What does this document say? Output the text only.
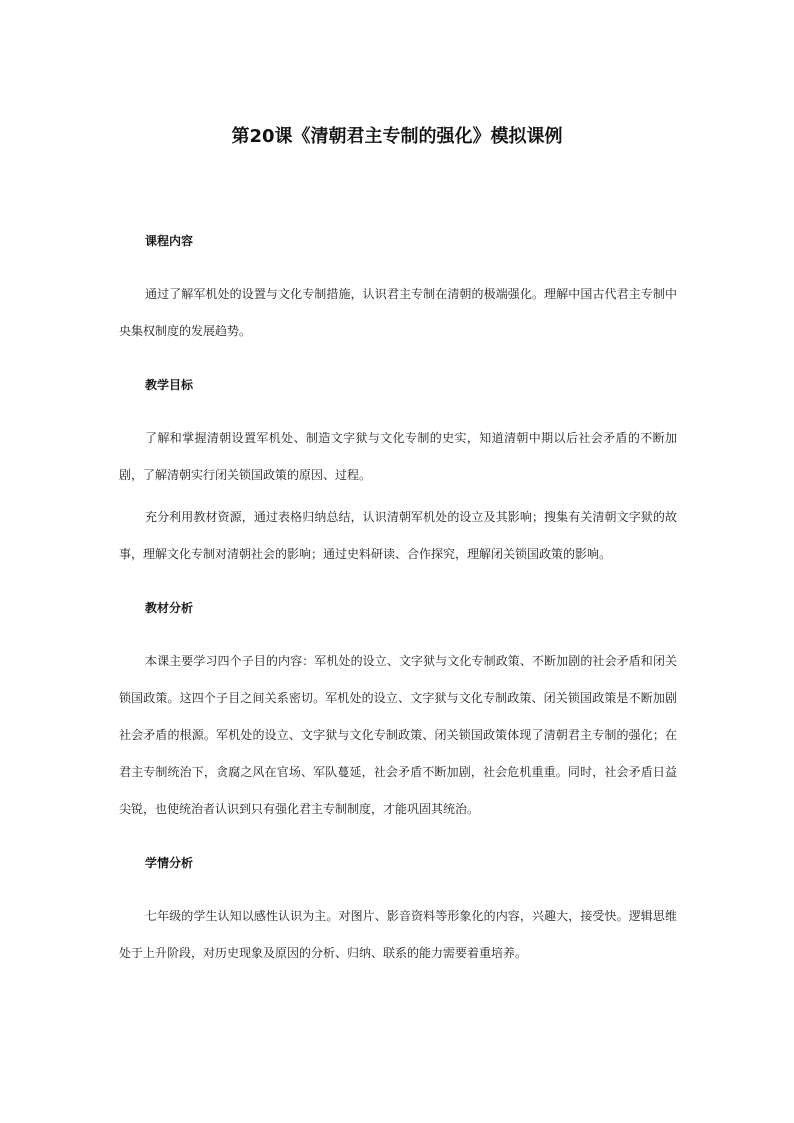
第20课《清朝君主专制的强化》模拟课例

课程内容

通过了解军机处的设置与文化专制措施，认识君主专制在清朝的极端强化。理解中国古代君主专制中央集权制度的发展趋势。

教学目标

了解和掌握清朝设置军机处、制造文字狱与文化专制的史实，知道清朝中期以后社会矛盾的不断加剧，了解清朝实行闭关锁国政策的原因、过程。

充分利用教材资源，通过表格归纳总结，认识清朝军机处的设立及其影响；搜集有关清朝文字狱的故事，理解文化专制对清朝社会的影响；通过史料研读、合作探究，理解闭关锁国政策的影响。

教材分析

本课主要学习四个子目的内容：军机处的设立、文字狱与文化专制政策、不断加剧的社会矛盾和闭关锁国政策。这四个子目之间关系密切。军机处的设立、文字狱与文化专制政策、闭关锁国政策是不断加剧社会矛盾的根源。军机处的设立、文字狱与文化专制政策、闭关锁国政策体现了清朝君主专制的强化；在君主专制统治下，贪腐之风在官场、军队蔓延，社会矛盾不断加剧，社会危机重重。同时，社会矛盾日益尖锐，也使统治者认识到只有强化君主专制制度，才能巩固其统治。

学情分析

七年级的学生认知以感性认识为主。对图片、影音资料等形象化的内容，兴趣大，接受快。逻辑思维处于上升阶段，对历史现象及原因的分析、归纳、联系的能力需要着重培养。
